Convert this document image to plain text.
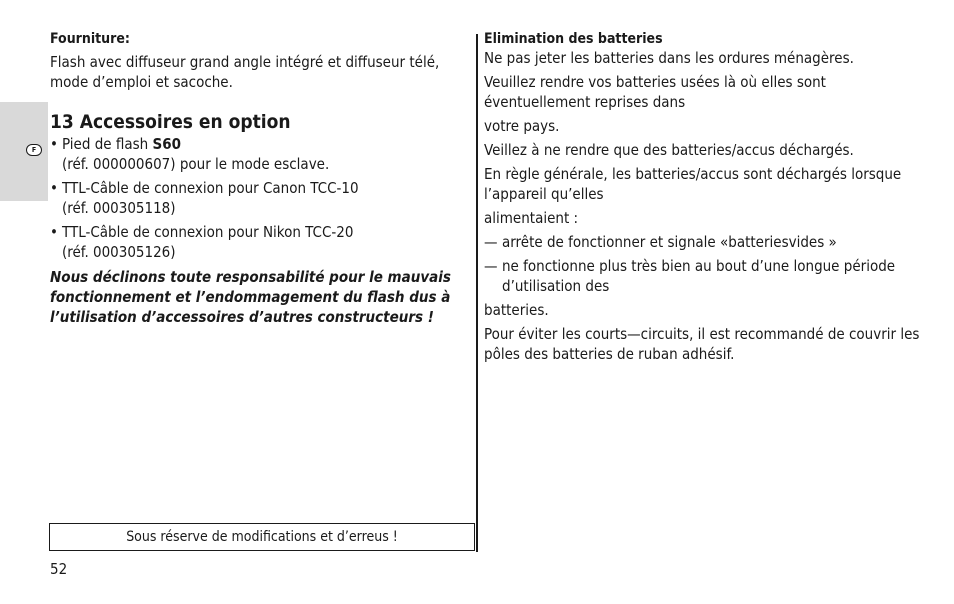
F

Fourniture:

Flash avec diffuseur grand angle intégré et diffuseur télé, mode d’emploi et sacoche.

13 Accessoires en option
• Pied de flash S60
(réf. 000000607) pour le mode esclave.
• TTL-Câble de connexion pour Canon TCC-10
(réf. 000305118)
• TTL-Câble de connexion pour Nikon TCC-20
(réf. 000305126)

Nous déclinons toute responsabilité pour le mauvais fonctionnement et l’endommagement du flash dus à l’utilisation d’accessoires d’autres constructeurs !

Elimination des batteries

Ne pas jeter les batteries dans les ordures ménagères.

Veuillez rendre vos batteries usées là où elles sont éventuellement reprises dans

votre pays.

Veillez à ne rendre que des batteries/accus déchargés.

En règle générale, les batteries/accus sont déchargés lorsque l’appareil qu’elles

alimentaient :

— arrête de fonctionner et signale «batteriesvides »
— ne fonctionne plus très bien au bout d’une longue période d’utilisation des

batteries.

Pour éviter les courts—circuits, il est recommandé de couvrir les pôles des batteries de ruban adhésif.

Sous réserve de modifications et d’erreus !
52
